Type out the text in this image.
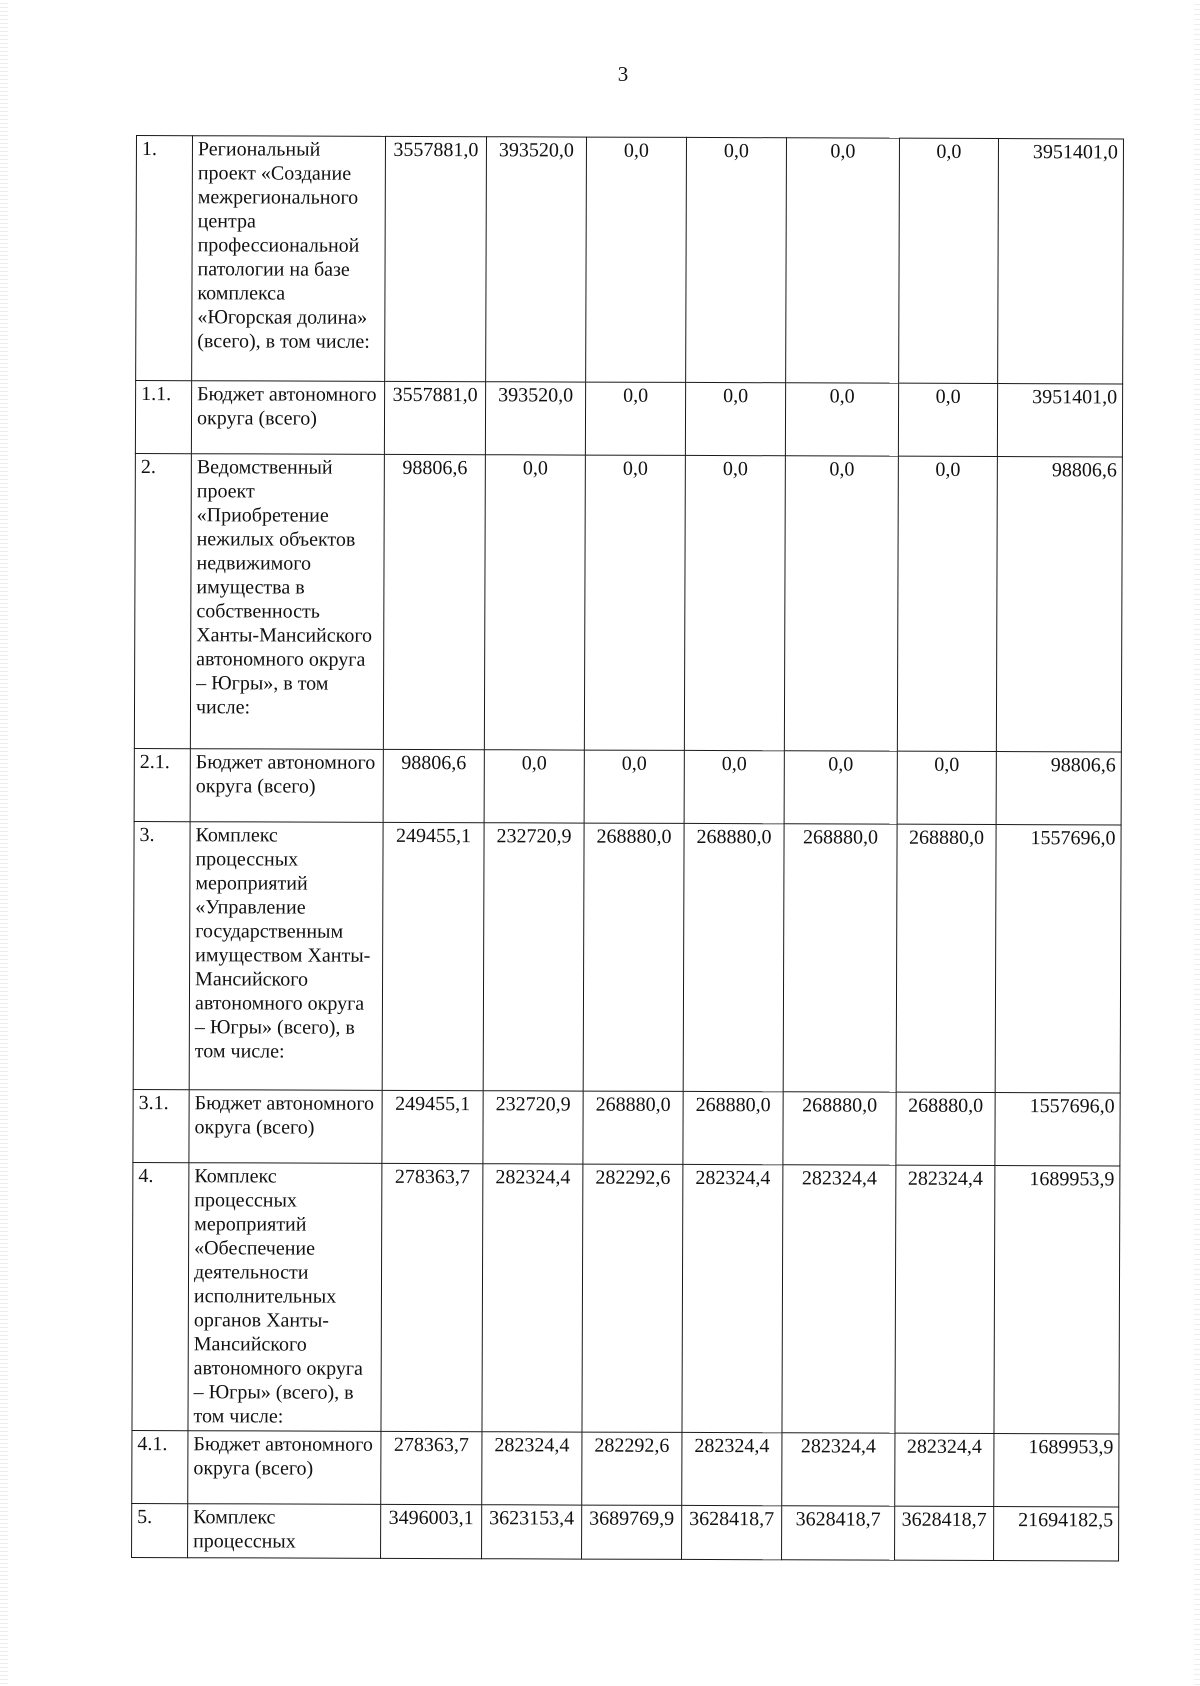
3
1.	Региональный проект «Создание межрегионального центра профессиональной патологии на базе комплекса «Югорская долина» (всего), в том числе:	3557881,0	393520,0	0,0	0,0	0,0	0,0	3951401,0
1.1.	Бюджет автономного округа (всего)	3557881,0	393520,0	0,0	0,0	0,0	0,0	3951401,0
2.	Ведомственный проект «Приобретение нежилых объектов недвижимого имущества в собственность Ханты-Мансийского автономного округа – Югры», в том числе:	98806,6	0,0	0,0	0,0	0,0	0,0	98806,6
2.1.	Бюджет автономного округа (всего)	98806,6	0,0	0,0	0,0	0,0	0,0	98806,6
3.	Комплекс процессных мероприятий «Управление государственным имуществом Ханты-Мансийского автономного округа – Югры» (всего), в том числе:	249455,1	232720,9	268880,0	268880,0	268880,0	268880,0	1557696,0
3.1.	Бюджет автономного округа (всего)	249455,1	232720,9	268880,0	268880,0	268880,0	268880,0	1557696,0
4.	Комплекс процессных мероприятий «Обеспечение деятельности исполнительных органов Ханты-Мансийского автономного округа – Югры» (всего), в том числе:	278363,7	282324,4	282292,6	282324,4	282324,4	282324,4	1689953,9
4.1.	Бюджет автономного округа (всего)	278363,7	282324,4	282292,6	282324,4	282324,4	282324,4	1689953,9
5.	Комплекс процессных	3496003,1	3623153,4	3689769,9	3628418,7	3628418,7	3628418,7	21694182,5
